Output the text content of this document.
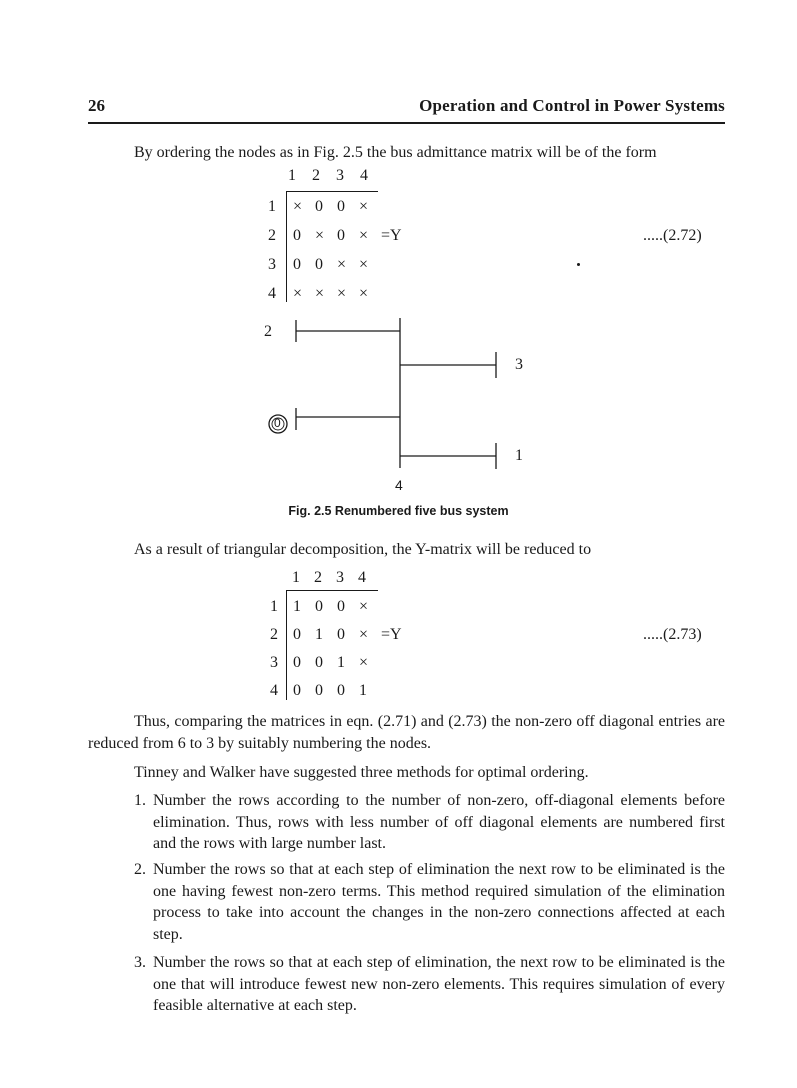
26	Operation and Control in Power Systems
By ordering the nodes as in Fig. 2.5 the bus admittance matrix will be of the form
1 2 3 4
1
2
3
4
× 0 0 ×
0 × 0 × =Y
0 0 × ×
× × × ×
.....(2.72)
2
3
0
1
4
Fig. 2.5 Renumbered five bus system
As a result of triangular decomposition, the Y-matrix will be reduced to
1 2 3 4
1
2
3
4
1 0 0 ×
0 1 0 × =Y
0 0 1 ×
0 0 0 1
.....(2.73)
Thus, comparing the matrices in eqn. (2.71) and (2.73) the non-zero off diagonal entries are reduced from 6 to 3 by suitably numbering the nodes.
Tinney and Walker have suggested three methods for optimal ordering.
1. Number the rows according to the number of non-zero, off-diagonal elements before elimination. Thus, rows with less number of off diagonal elements are numbered first and the rows with large number last.
2. Number the rows so that at each step of elimination the next row to be eliminated is the one having fewest non-zero terms. This method required simulation of the elimination process to take into account the changes in the non-zero connections affected at each step.
3. Number the rows so that at each step of elimination, the next row to be eliminated is the one that will introduce fewest new non-zero elements. This requires simulation of every feasible alternative at each step.
